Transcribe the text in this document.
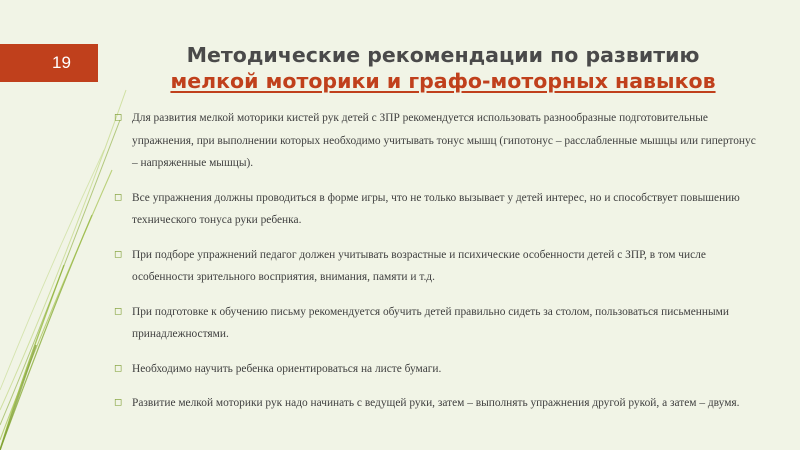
19	Методические рекомендации по развитию
мелкой моторики и графо-моторных навыков
◻ Для развития мелкой моторики кистей рук детей с ЗПР рекомендуется использовать разнообразные подготовительные упражнения, при выполнении которых необходимо учитывать тонус мышц (гипотонус – расслабленные мышцы или гипертонус – напряженные мышцы).
◻ Все упражнения должны проводиться в форме игры, что не только вызывает у детей интерес, но и способствует повышению технического тонуса руки ребенка.
◻ При подборе упражнений педагог должен учитывать возрастные и психические особенности детей с ЗПР, в том числе особенности зрительного восприятия, внимания, памяти и т.д.
◻ При подготовке к обучению письму рекомендуется обучить детей правильно сидеть за столом, пользоваться письменными принадлежностями.
◻ Необходимо научить ребенка ориентироваться на листе бумаги.
◻ Развитие мелкой моторики рук надо начинать с ведущей руки, затем – выполнять упражнения другой рукой, а затем – двумя.
